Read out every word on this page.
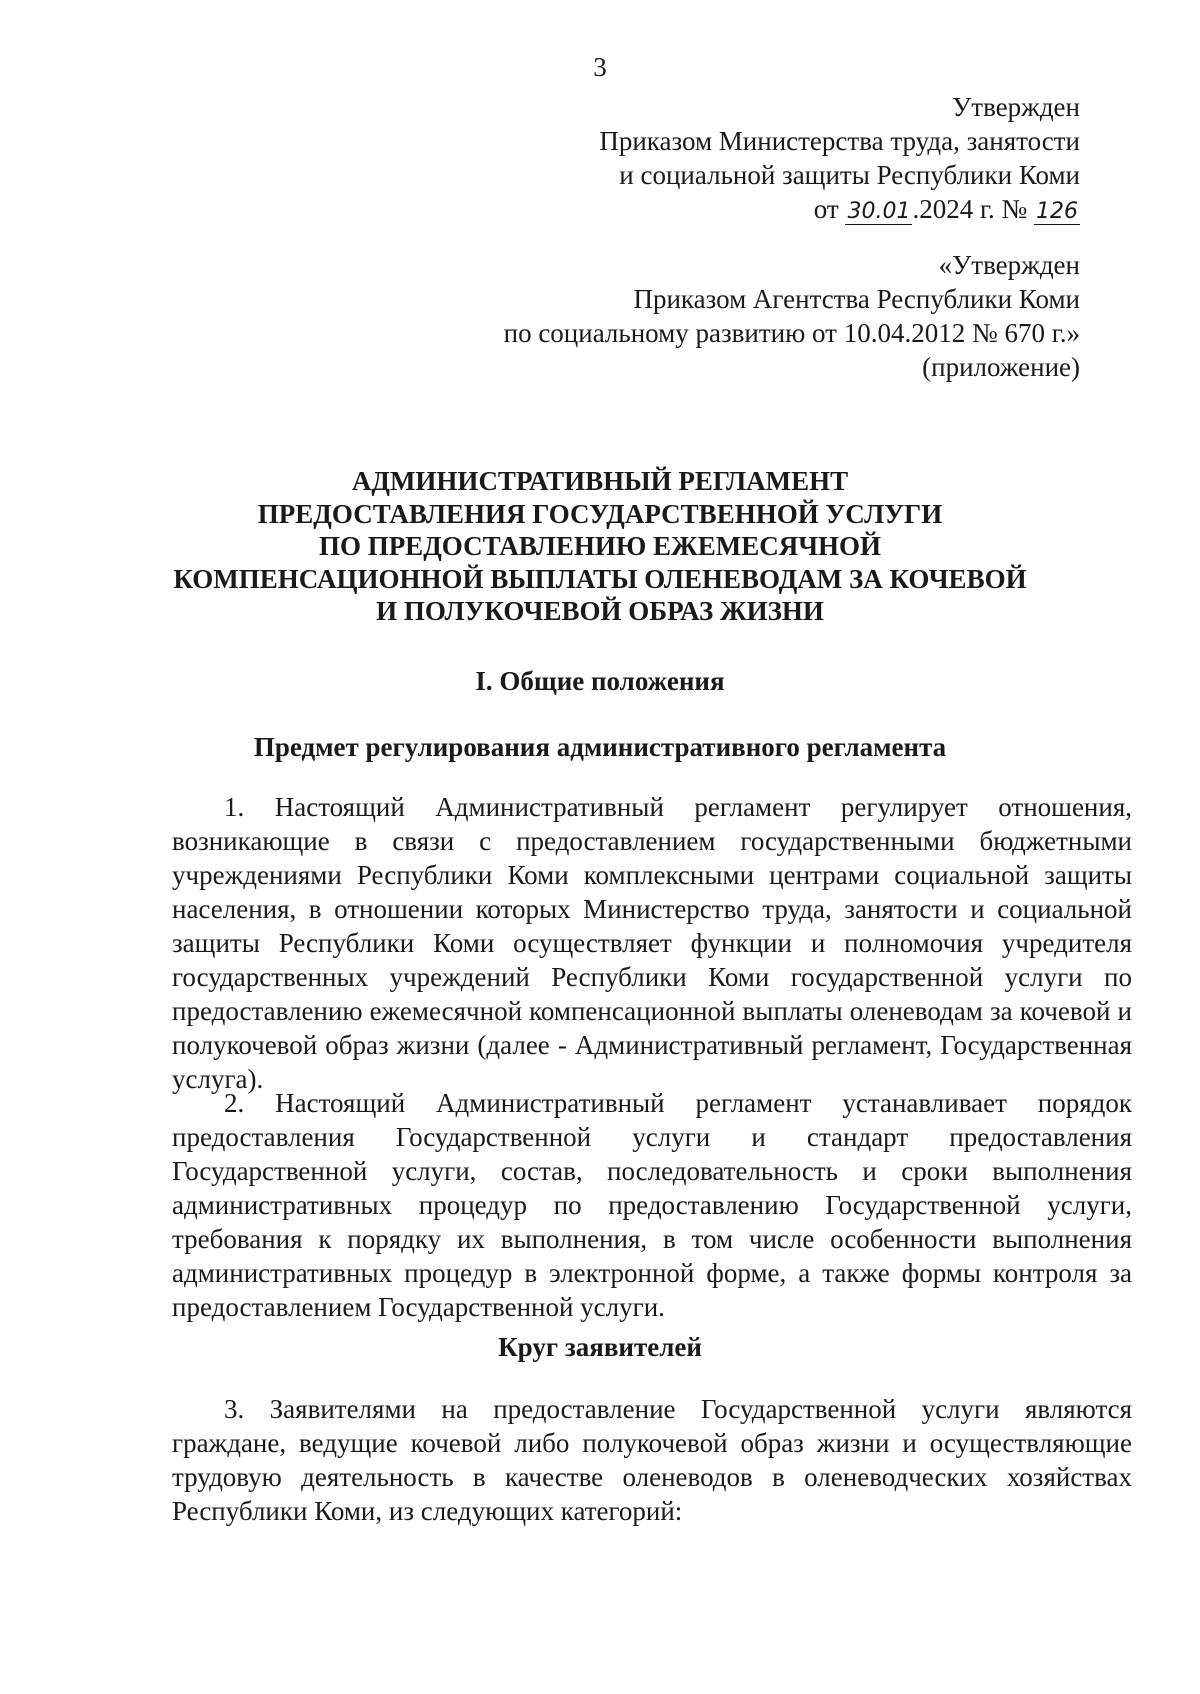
3
Утвержден
Приказом Министерства труда, занятости
и социальной защиты Республики Коми
от 30.01.2024 г. № 126
«Утвержден
Приказом Агентства Республики Коми
по социальному развитию от 10.04.2012 № 670 г.»
(приложение)
АДМИНИСТРАТИВНЫЙ РЕГЛАМЕНТ
ПРЕДОСТАВЛЕНИЯ ГОСУДАРСТВЕННОЙ УСЛУГИ
ПО ПРЕДОСТАВЛЕНИЮ ЕЖЕМЕСЯЧНОЙ
КОМПЕНСАЦИОННОЙ ВЫПЛАТЫ ОЛЕНЕВОДАМ ЗА КОЧЕВОЙ
И ПОЛУКОЧЕВОЙ ОБРАЗ ЖИЗНИ
I. Общие положения
Предмет регулирования административного регламента

1. Настоящий Административный регламент регулирует отношения, возникающие в связи с предоставлением государственными бюджетными учреждениями Республики Коми комплексными центрами социальной защиты населения, в отношении которых Министерство труда, занятости и социальной защиты Республики Коми осуществляет функции и полномочия учредителя государственных учреждений Республики Коми государственной услуги по предоставлению ежемесячной компенсационной выплаты оленеводам за кочевой и полукочевой образ жизни (далее - Административный регламент, Государственная услуга).

2. Настоящий Административный регламент устанавливает порядок предоставления Государственной услуги и стандарт предоставления Государственной услуги, состав, последовательность и сроки выполнения административных процедур по предоставлению Государственной услуги, требования к порядку их выполнения, в том числе особенности выполнения административных процедур в электронной форме, а также формы контроля за предоставлением Государственной услуги.

Круг заявителей

3. Заявителями на предоставление Государственной услуги являются граждане, ведущие кочевой либо полукочевой образ жизни и осуществляющие трудовую деятельность в качестве оленеводов в оленеводческих хозяйствах Республики Коми, из следующих категорий:
